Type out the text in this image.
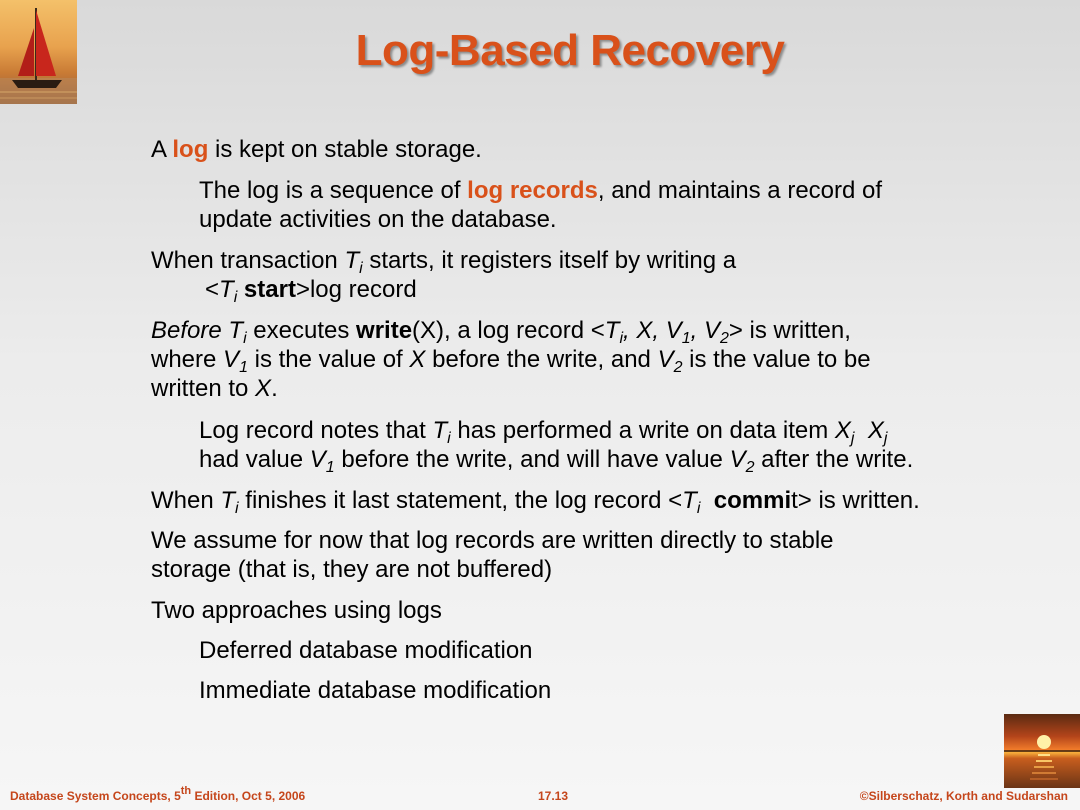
Log-Based Recovery
A log is kept on stable storage.
The log is a sequence of log records, and maintains a record of
update activities on the database.
When transaction $T_i$ starts, it registers itself by writing a
$<T_i$ start>log record
Before $T_i$ executes write(X), a log record $<T_i$, X, $V_1$, $V_2>$ is written,
where $V_1$ is the value of X before the write, and $V_2$ is the value to be
written to X.
Log record notes that $T_i$ has performed a write on data item $X_j$ $X_j$
had value $V_1$ before the write, and will have value $V_2$ after the write.
When $T_i$ finishes it last statement, the log record $<T_i$ commit> is written.
We assume for now that log records are written directly to stable
storage (that is, they are not buffered)
Two approaches using logs
Deferred database modification
Immediate database modification
Database System Concepts, 5th Edition, Oct 5, 2006	17.13	©Silberschatz, Korth and Sudarshan
